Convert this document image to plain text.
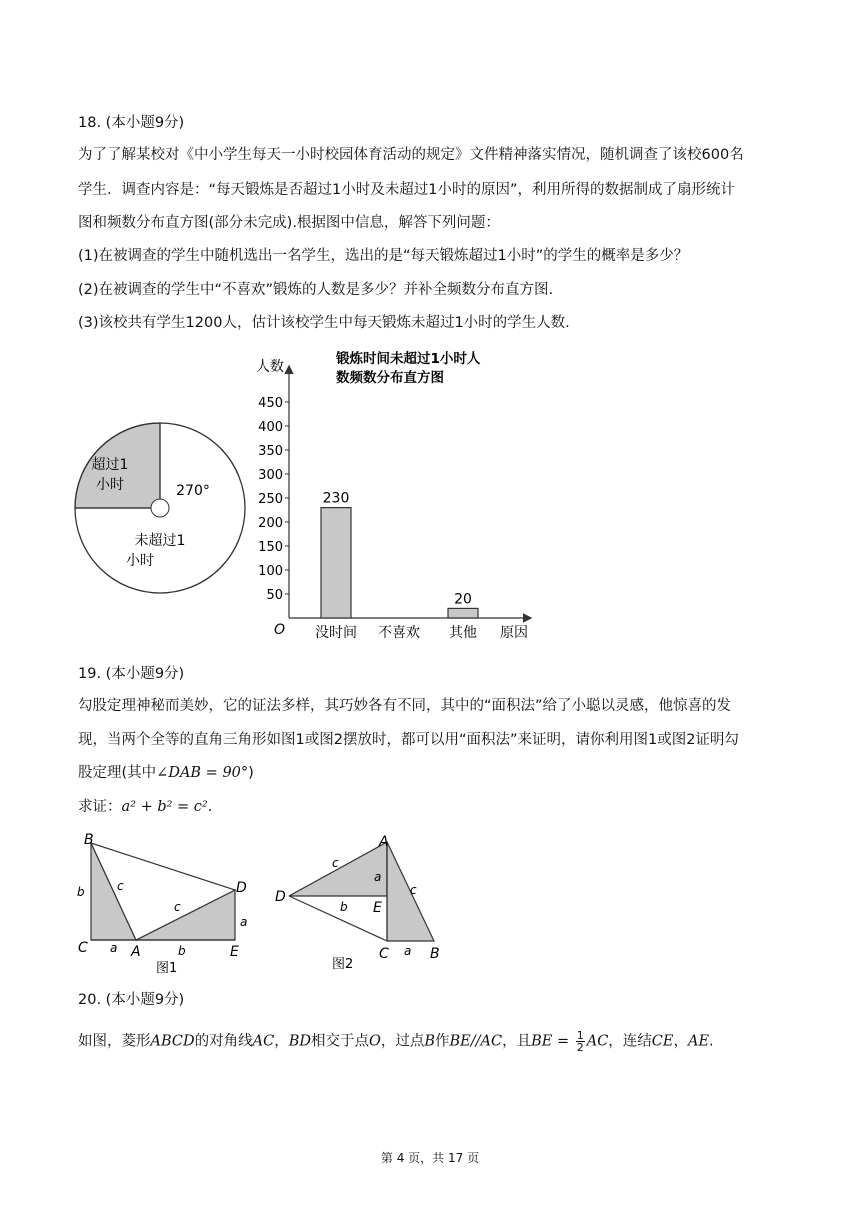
18. (本小题9分)
为了了解某校对《中小学生每天一小时校园体育活动的规定》文件精神落实情况，随机调查了该校600名
学生．调查内容是：“每天锻炼是否超过1小时及未超过1小时的原因”，利用所得的数据制成了扇形统计
图和频数分布直方图(部分未完成).根据图中信息，解答下列问题：
(1)在被调查的学生中随机选出一名学生，选出的是“每天锻炼超过1小时”的学生的概率是多少？
(2)在被调查的学生中“不喜欢”锻炼的人数是多少？并补全频数分布直方图.
(3)该校共有学生1200人，估计该校学生中每天锻炼未超过1小时的学生人数.
超过1
小时	270°
未超过1
小时
人数	锻炼时间未超过1小时人
数频数分布直方图
50
100
150
200
250
300
350
400
450
230
20
O 没时间 不喜欢 其他 原因
19. (本小题9分)
勾股定理神秘而美妙，它的证法多样，其巧妙各有不同，其中的“面积法”给了小聪以灵感，他惊喜的发
现，当两个全等的直角三角形如图1或图2摆放时，都可以用“面积法”来证明，请你利用图1或图2证明勾
股定理(其中∠DAB = 90°)
求证：a² + b² = c².
B
C	A
D
E
b	c
c
a	b
a
图1
A
D
E
C	B
c
a
c
b
a
图2
20. (本小题9分)
如图，菱形ABCD的对角线AC，BD相交于点O，过点B作BE//AC，且BE = $\frac{1}{2}$ AC，连结CE，AE.
第 4 页，共 17 页
